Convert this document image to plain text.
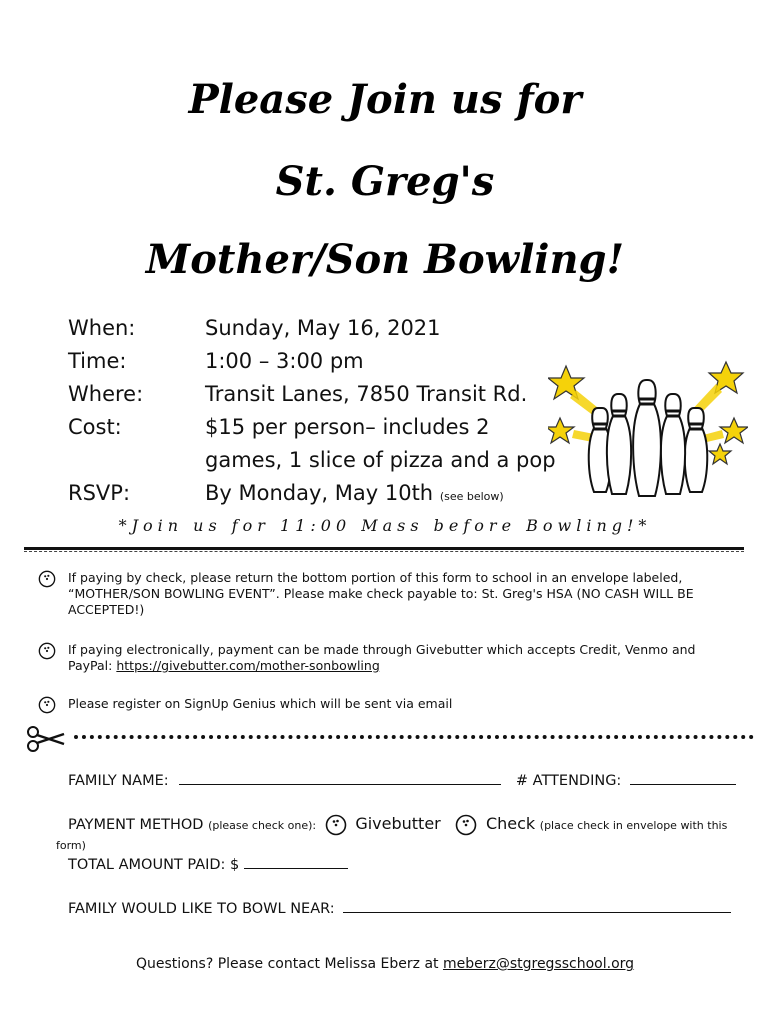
Please Join us for
St. Greg's
Mother/Son Bowling!
When:	Sunday, May 16, 2021
Time:	1:00 – 3:00 pm
Where:	Transit Lanes, 7850 Transit Rd.
Cost:	$15 per person– includes 2
games, 1 slice of pizza and a pop
RSVP:	By Monday, May 10th (see below)
*Join us for 11:00 Mass before Bowling!*
If paying by check, please return the bottom portion of this form to school in an envelope labeled, “MOTHER/SON BOWLING EVENT”. Please make check payable to: St. Greg's HSA (NO CASH WILL BE ACCEPTED!)
If paying electronically, payment can be made through Givebutter which accepts Credit, Venmo and PayPal: https://givebutter.com/mother-sonbowling
Please register on SignUp Genius which will be sent via email
FAMILY NAME:	# ATTENDING:
PAYMENT METHOD (please check one): Givebutter	Check (place check in envelope with this
form)
TOTAL AMOUNT PAID: $
FAMILY WOULD LIKE TO BOWL NEAR:
Questions? Please contact Melissa Eberz at meberz@stgregsschool.org
